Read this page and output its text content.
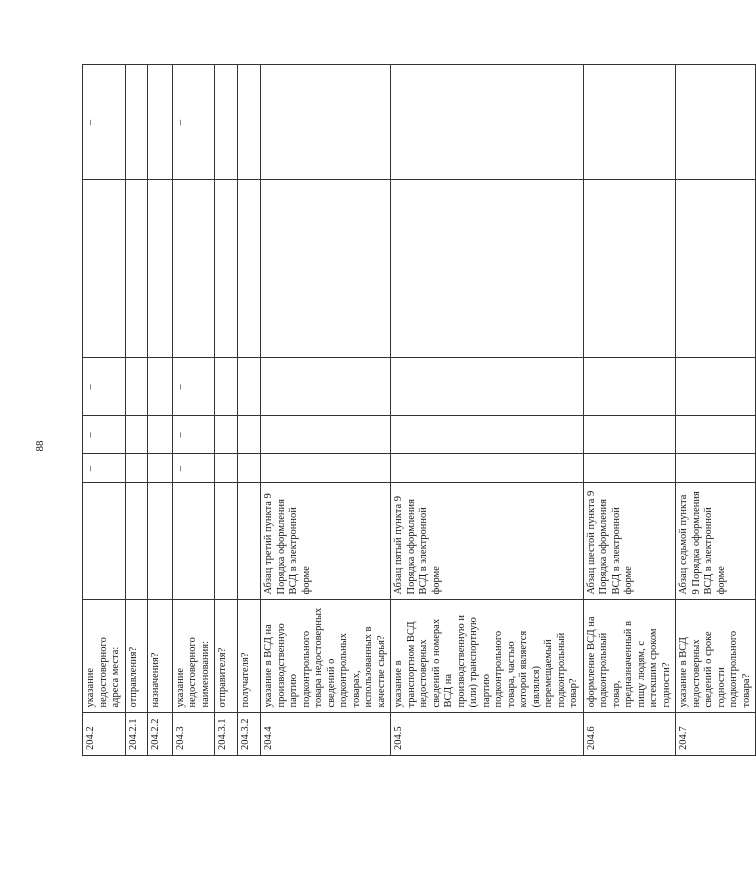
88
204.2	указание недостоверного адреса места:		–	–	–		–
204.2.1	отправления?						
204.2.2	назначения?						
204.3	указание недостоверного наименования:		–	–	–		–
204.3.1	отправителя?						
204.3.2	получателя?						
204.4	указание в ВСД на производственную партию подконтрольного товара недостоверных сведений о подконтрольных товарах, использованных в качестве сырья?	Абзац третий пункта 9 Порядка оформления ВСД в электронной форме					
204.5	указание в транспортном ВСД недостоверных сведений о номерах ВСД на производственную и (или) транспортную партию подконтрольного товара, частью которой является (являлся) перемещаемый подконтрольный товар?	Абзац пятый пункта 9 Порядка оформления ВСД в электронной форме					
204.6	оформление ВСД на подконтрольный товар, предназначенный в пищу людям, с истекшим сроком годности?	Абзац шестой пункта 9 Порядка оформления ВСД в электронной форме					
204.7	указание в ВСД недостоверных сведений о сроке годности подконтрольного товара?	Абзац седьмой пункта 9 Порядка оформления ВСД в электронной форме					
